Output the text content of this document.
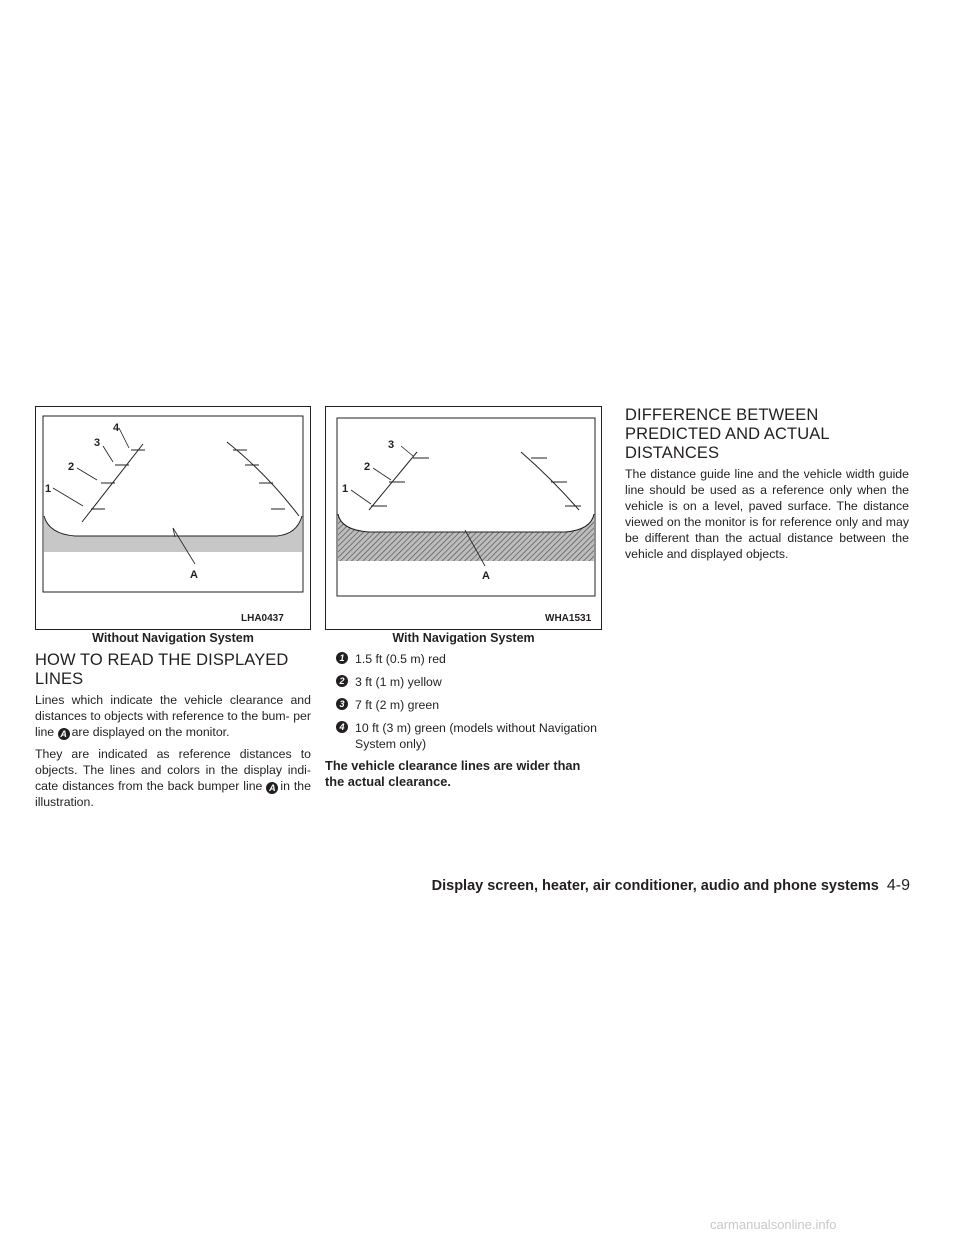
1
2
3
4
A
LHA0437
Without Navigation System
1
2
3
A
WHA1531
With Navigation System
HOW TO READ THE DISPLAYED LINES

Lines which indicate the vehicle clearance and distances to objects with reference to the bum- per line A are displayed on the monitor.

They are indicated as reference distances to objects. The lines and colors in the display indi- cate distances from the back bumper line A in the illustration.

1 1.5 ft (0.5 m) red
2 3 ft (1 m) yellow
3 7 ft (2 m) green
4 10 ft (3 m) green (models without Navigation System only)
The vehicle clearance lines are wider than the actual clearance.
DIFFERENCE BETWEEN PREDICTED AND ACTUAL DISTANCES

The distance guide line and the vehicle width guide line should be used as a reference only when the vehicle is on a level, paved surface. The distance viewed on the monitor is for reference only and may be different than the actual distance between the vehicle and displayed objects.

Display screen, heater, air conditioner, audio and phone systems 4-9
carmanualsonline.info
